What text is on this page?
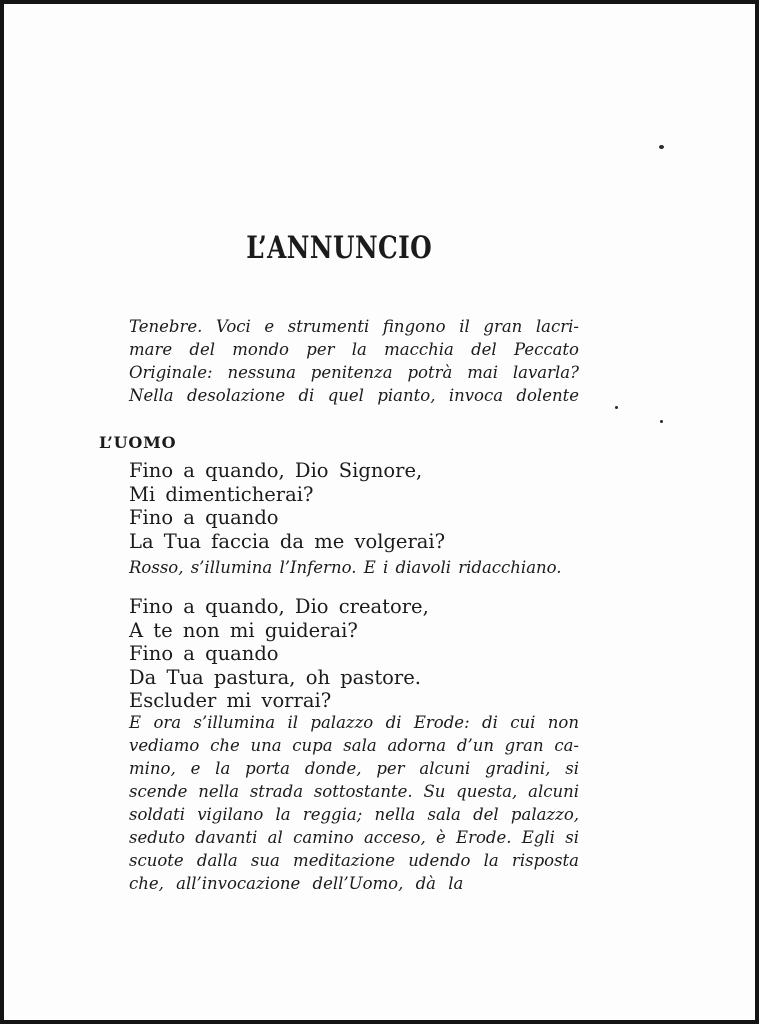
L’ANNUNCIO
Tenebre. Voci e strumenti fingono il gran lacri-
mare del mondo per la macchia del Peccato
Originale: nessuna penitenza potrà mai lavarla?
Nella desolazione di quel pianto, invoca dolente
L’UOMO
Fino a quando, Dio Signore,
Mi dimenticherai?
Fino a quando
La Tua faccia da me volgerai?
Rosso, s’illumina l’Inferno. E i diavoli ridacchiano.
Fino a quando, Dio creatore,
A te non mi guiderai?
Fino a quando
Da Tua pastura, oh pastore.
Escluder mi vorrai?
E ora s’illumina il palazzo di Erode: di cui non
vediamo che una cupa sala adorna d’un gran ca-
mino, e la porta donde, per alcuni gradini, si
scende nella strada sottostante. Su questa, alcuni
soldati vigilano la reggia; nella sala del palazzo,
seduto davanti al camino acceso, è Erode. Egli si
scuote dalla sua meditazione udendo la risposta
che, all’invocazione dell’Uomo, dà la
